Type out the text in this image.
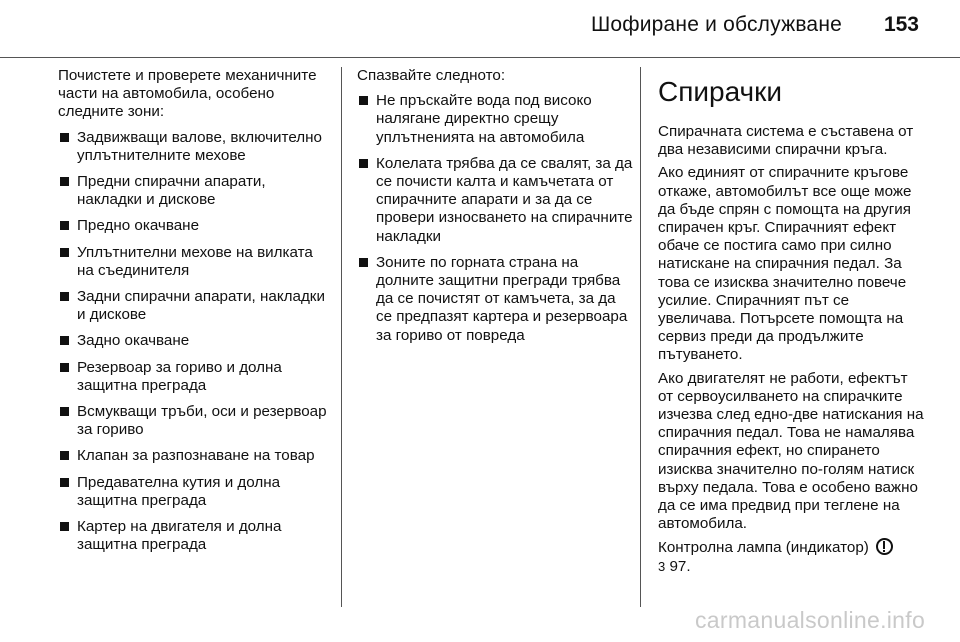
Шофиране и обслужване 153

Почистете и проверете механичните части на автомобила, особено следните зони:

Задвижващи валове, включително уплътнителните мехове
Предни спирачни апарати, накладки и дискове
Предно окачване
Уплътнителни мехове на вилката на съединителя
Задни спирачни апарати, накладки и дискове
Задно окачване
Резервоар за гориво и долна защитна преграда
Всмукващи тръби, оси и резервоар за гориво
Клапан за разпознаване на товар
Предавателна кутия и долна защитна преграда
Картер на двигателя и долна защитна преграда

Спазвайте следното:

Не пръскайте вода под високо налягане директно срещу уплътненията на автомобила
Колелата трябва да се свалят, за да се почисти калта и камъчетата от спирачните апарати и за да се провери износването на спирачните накладки
Зоните по горната страна на долните защитни прегради трябва да се почистят от камъчета, за да се предпазят картера и резервоара за гориво от повреда
Спирачки

Спирачната система е съставена от два независими спирачни кръга.

Ако единият от спирачните кръгове откаже, автомобилът все още може да бъде спрян с помощта на другия спирачен кръг. Спирачният ефект обаче се постига само при силно натискане на спирачния педал. За това се изисква значително повече усилие. Спирачният път се увеличава. Потърсете помощта на сервиз преди да продължите пътуването.

Ако двигателят не работи, ефектът от сервоусилването на спирачките изчезва след едно-две натискания на спирачния педал. Това не намалява спирачния ефект, но спирането изисква значително по-голям натиск върху педала. Това е особено важно да се има предвид при теглене на автомобила.

Контролна лампа (индикатор)
3 97.

carmanualsonline.info
